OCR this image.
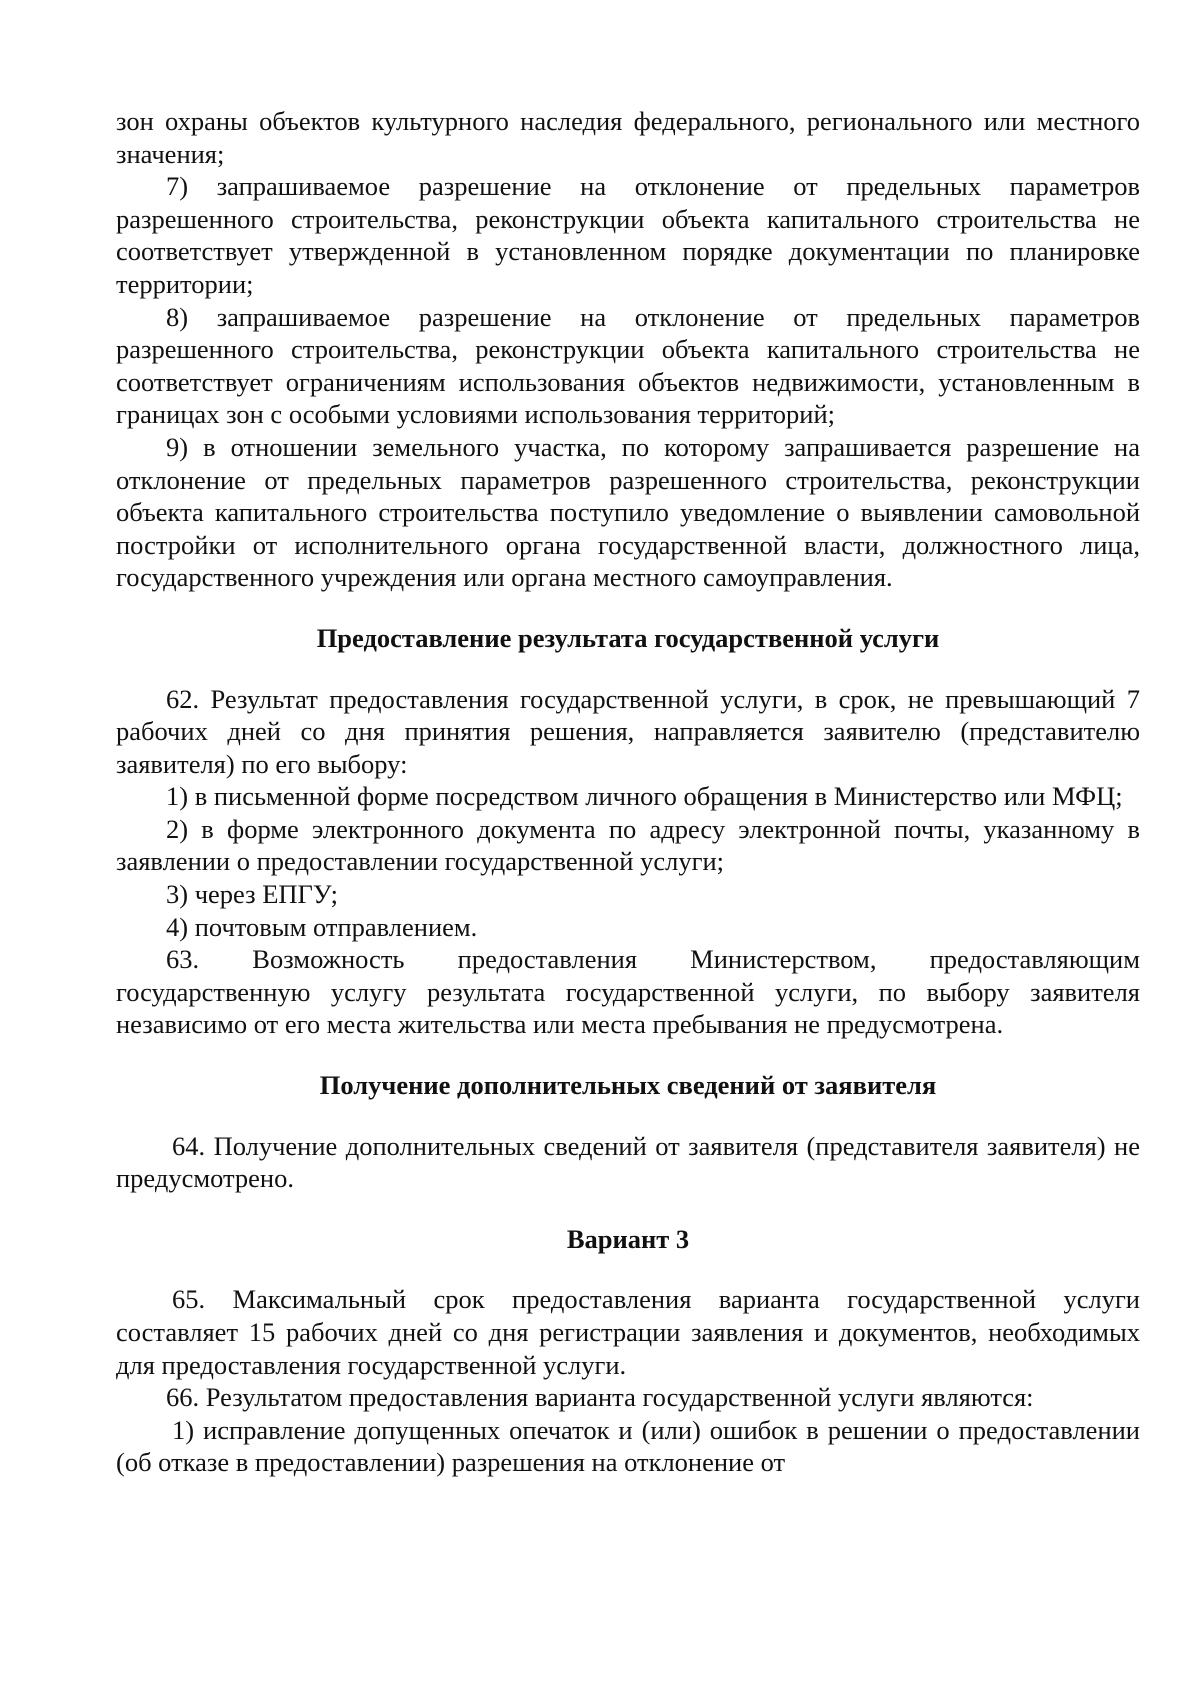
зон охраны объектов культурного наследия федерального, регионального или местного значения;

7) запрашиваемое разрешение на отклонение от предельных параметров разрешенного строительства, реконструкции объекта капитального строительства не соответствует утвержденной в установленном порядке документации по планировке территории;

8) запрашиваемое разрешение на отклонение от предельных параметров разрешенного строительства, реконструкции объекта капитального строительства не соответствует ограничениям использования объектов недвижимости, установленным в границах зон с особыми условиями использования территорий;

9) в отношении земельного участка, по которому запрашивается разрешение на отклонение от предельных параметров разрешенного строительства, реконструкции объекта капитального строительства поступило уведомление о выявлении самовольной постройки от исполнительного органа государственной власти, должностного лица, государственного учреждения или органа местного самоуправления.

Предоставление результата государственной услуги

62. Результат предоставления государственной услуги, в срок, не превышающий 7 рабочих дней со дня принятия решения, направляется заявителю (представителю заявителя) по его выбору:

1) в письменной форме посредством личного обращения в Министерство или МФЦ;

2) в форме электронного документа по адресу электронной почты, указанному в заявлении о предоставлении государственной услуги;

3) через ЕПГУ;

4) почтовым отправлением.

63. Возможность предоставления Министерством, предоставляющим государственную услугу результата государственной услуги, по выбору заявителя независимо от его места жительства или места пребывания не предусмотрена.

Получение дополнительных сведений от заявителя

64. Получение дополнительных сведений от заявителя (представителя заявителя) не предусмотрено.

Вариант 3

65. Максимальный срок предоставления варианта государственной услуги составляет 15 рабочих дней со дня регистрации заявления и документов, необходимых для предоставления государственной услуги.

66. Результатом предоставления варианта государственной услуги являются:

1) исправление допущенных опечаток и (или) ошибок в решении о предоставлении (об отказе в предоставлении) разрешения на отклонение от
